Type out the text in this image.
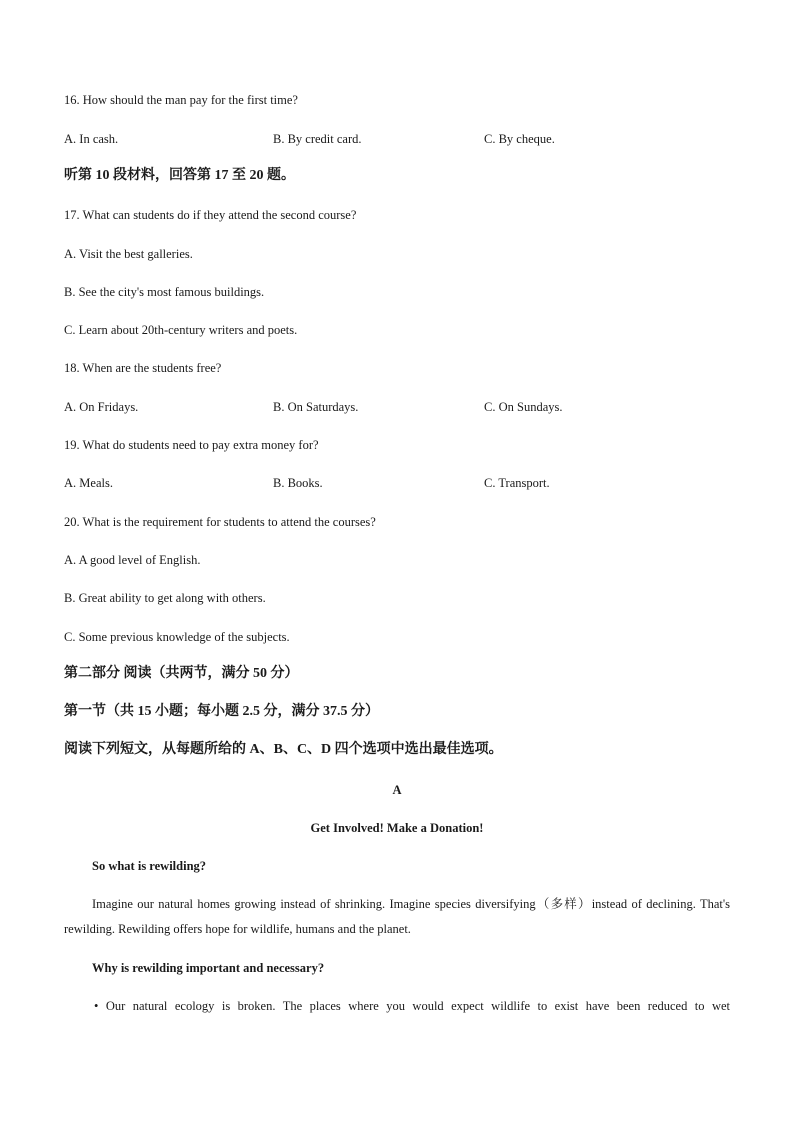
16. How should the man pay for the first time?
A. In cash.	B. By credit card.	C. By cheque.
听第 10 段材料，回答第 17 至 20 题。
17. What can students do if they attend the second course?
A. Visit the best galleries.
B. See the city's most famous buildings.
C. Learn about 20th-century writers and poets.
18. When are the students free?
A. On Fridays.	B. On Saturdays.	C. On Sundays.
19. What do students need to pay extra money for?
A. Meals.	B. Books.	C. Transport.
20. What is the requirement for students to attend the courses?
A. A good level of English.
B. Great ability to get along with others.
C. Some previous knowledge of the subjects.
第二部分 阅读（共两节，满分 50 分）
第一节（共 15 小题；每小题 2.5 分，满分 37.5 分）
阅读下列短文，从每题所给的 A、B、C、D 四个选项中选出最佳选项。
A
Get Involved! Make a Donation!
So what is rewilding?
Imagine our natural homes growing instead of shrinking. Imagine species diversifying（多样）instead of declining. That's rewilding. Rewilding offers hope for wildlife, humans and the planet.
Why is rewilding important and necessary?
• Our natural ecology is broken. The places where you would expect wildlife to exist have been reduced to wet
